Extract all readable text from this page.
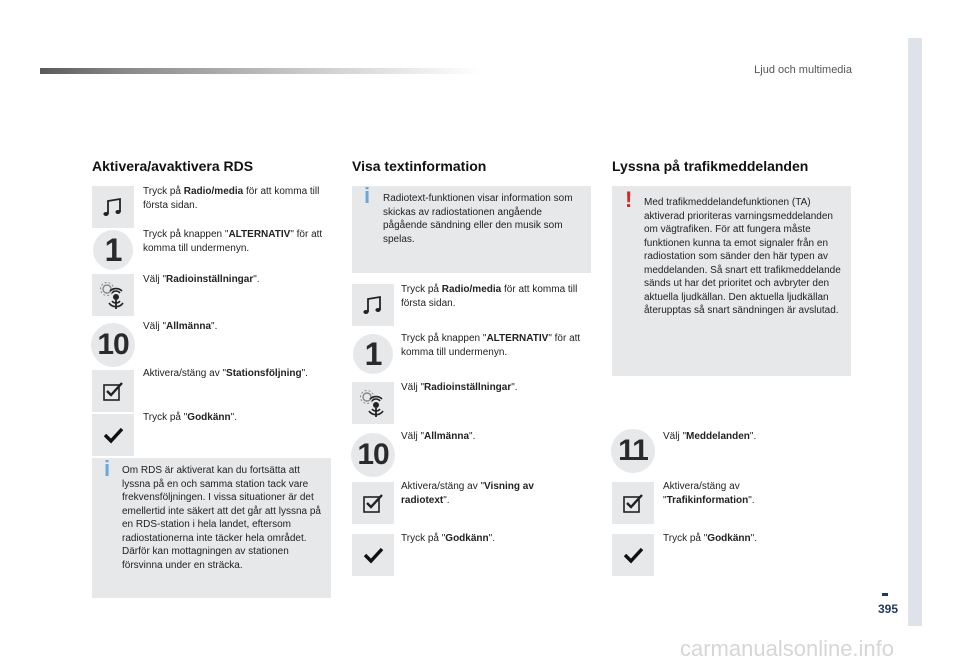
Ljud och multimedia
395
Aktivera/avaktivera RDS
Tryck på Radio/media för att komma till första sidan.
1 Tryck på knappen "ALTERNATIV" för att komma till undermenyn.
Välj "Radioinställningar".
10
Välj "Allmänna".
Aktivera/stäng av "Stationsföljning".
Tryck på "Godkänn".
i Om RDS är aktiverat kan du fortsätta att lyssna på en och samma station tack vare frekvensföljningen. I vissa situationer är det emellertid inte säkert att det går att lyssna på en RDS-station i hela landet, eftersom radiostationerna inte täcker hela området. Därför kan mottagningen av stationen försvinna under en sträcka.
Visa textinformation
i Radiotext-funktionen visar information som skickas av radiostationen angående pågående sändning eller den musik som spelas.
Tryck på Radio/media för att komma till första sidan.
1 Tryck på knappen "ALTERNATIV" för att komma till undermenyn.
Välj "Radioinställningar".
10
Välj "Allmänna".
Aktivera/stäng av "Visning av radiotext".
Tryck på "Godkänn".
Lyssna på trafikmeddelanden
! Med trafikmeddelandefunktionen (TA) aktiverad prioriteras varningsmeddelanden om vägtrafiken. För att fungera måste funktionen kunna ta emot signaler från en radiostation som sänder den här typen av meddelanden. Så snart ett trafikmeddelande sänds ut har det prioritet och avbryter den aktuella ljudkällan. Den aktuella ljudkällan återupptas så snart sändningen är avslutad.
11 Välj "Meddelanden".
Aktivera/stäng av "Trafikinformation".
Tryck på "Godkänn".
carmanualsonline.info
